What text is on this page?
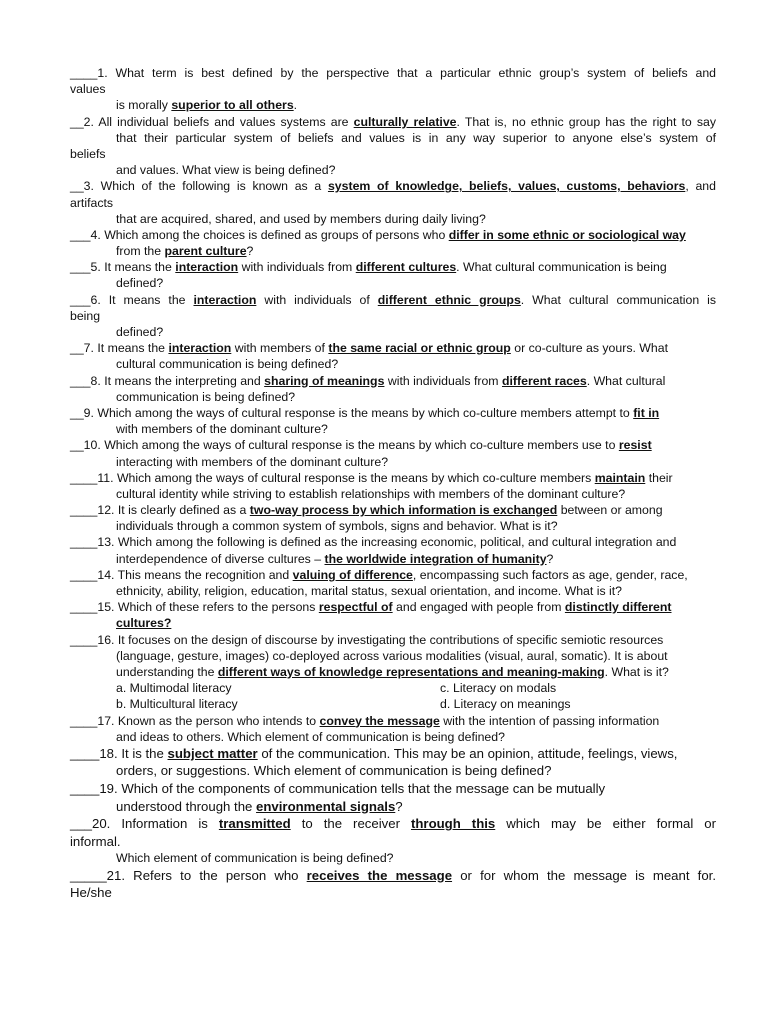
____1. What term is best defined by the perspective that a particular ethnic group’s system of beliefs and
values
is morally superior to all others.
__2. All individual beliefs and values systems are culturally relative. That is, no ethnic group has the right to say
that their particular system of beliefs and values is in any way superior to anyone else’s system of
beliefs
and values. What view is being defined?
__3. Which of the following is known as a system of knowledge, beliefs, values, customs, behaviors, and
artifacts
that are acquired, shared, and used by members during daily living?
___4. Which among the choices is defined as groups of persons who differ in some ethnic or sociological way
from the parent culture?
___5. It means the interaction with individuals from different cultures. What cultural communication is being
defined?
___6. It means the interaction with individuals of different ethnic groups. What cultural communication is
being
defined?
__7. It means the interaction with members of the same racial or ethnic group or co-culture as yours. What
cultural communication is being defined?
___8. It means the interpreting and sharing of meanings with individuals from different races. What cultural
communication is being defined?
__9. Which among the ways of cultural response is the means by which co-culture members attempt to fit in
with members of the dominant culture?
__10. Which among the ways of cultural response is the means by which co-culture members use to resist
interacting with members of the dominant culture?
____11. Which among the ways of cultural response is the means by which co-culture members maintain their
cultural identity while striving to establish relationships with members of the dominant culture?
____12. It is clearly defined as a two-way process by which information is exchanged between or among
individuals through a common system of symbols, signs and behavior. What is it?
____13. Which among the following is defined as the increasing economic, political, and cultural integration and
interdependence of diverse cultures – the worldwide integration of humanity?
____14. This means the recognition and valuing of difference, encompassing such factors as age, gender, race,
ethnicity, ability, religion, education, marital status, sexual orientation, and income. What is it?
____15. Which of these refers to the persons respectful of and engaged with people from distinctly different
cultures?
____16. It focuses on the design of discourse by investigating the contributions of specific semiotic resources
(language, gesture, images) co-deployed across various modalities (visual, aural, somatic). It is about
understanding the different ways of knowledge representations and meaning-making. What is it?
a. Multimodal literacy	c. Literacy on modals
b. Multicultural literacy	d. Literacy on meanings
____17. Known as the person who intends to convey the message with the intention of passing information
and ideas to others. Which element of communication is being defined?
____18. It is the subject matter of the communication. This may be an opinion, attitude, feelings, views,
orders, or suggestions. Which element of communication is being defined?
____19. Which of the components of communication tells that the message can be mutually
understood through the environmental signals?
___20. Information is transmitted to the receiver through this which may be either formal or
informal.
Which element of communication is being defined?
_____21. Refers to the person who receives the message or for whom the message is meant for.
He/she
